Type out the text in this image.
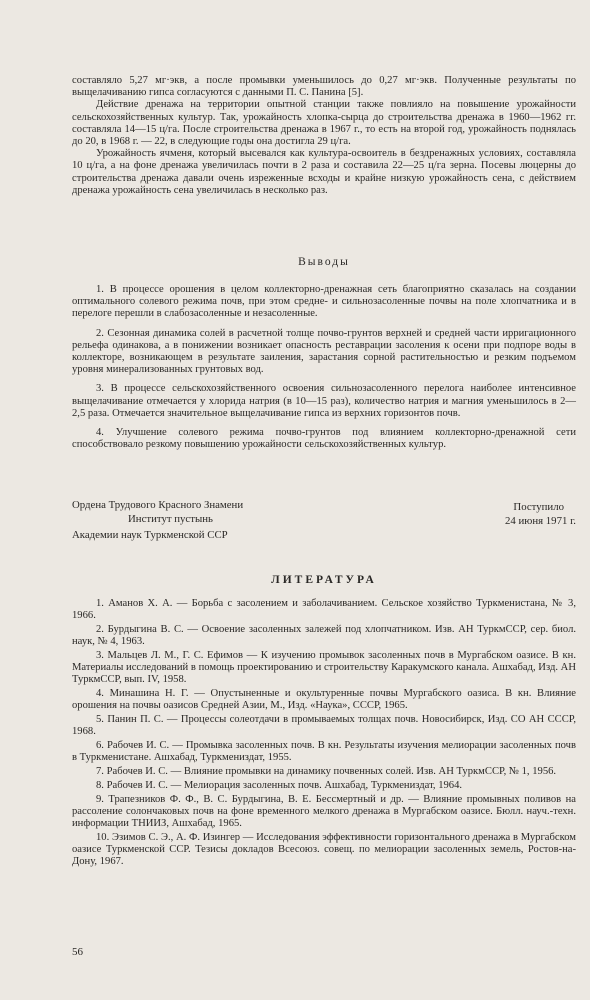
составляло 5,27 мг·экв, а после промывки уменьшилось до 0,27 мг·экв. Полученные результаты по выщелачиванию гипса согласуются с данными П. С. Панина [5].

Действие дренажа на территории опытной станции также повлияло на повышение урожайности сельскохозяйственных культур. Так, урожайность хлопка-сырца до строительства дренажа в 1960—1962 гг. составляла 14—15 ц/га. После строительства дренажа в 1967 г., то есть на второй год, урожайность поднялась до 20, в 1968 г. — 22, в следующие годы она достигла 29 ц/га.

Урожайность ячменя, который высевался как культура-освоитель в бездренажных условиях, составляла 10 ц/га, а на фоне дренажа увеличилась почти в 2 раза и составила 22—25 ц/га зерна. Посевы люцерны до строительства дренажа давали очень изреженные всходы и крайне низкую урожайность сена, с действием дренажа урожайность сена увеличилась в несколько раз.

Выводы

1. В процессе орошения в целом коллекторно-дренажная сеть благоприятно сказалась на создании оптимального солевого режима почв, при этом средне- и сильнозасоленные почвы на поле хлопчатника и в перелоге перешли в слабозасоленные и незасоленные.

2. Сезонная динамика солей в расчетной толще почво-грунтов верхней и средней части ирригационного рельефа одинакова, а в понижении возникает опасность реставрации засоления к осени при подпоре воды в коллекторе, возникающем в результате заиления, зарастания сорной растительностью и резким подъемом уровня минерализованных грунтовых вод.

3. В процессе сельскохозяйственного освоения сильнозасоленного перелога наиболее интенсивное выщелачивание отмечается у хлорида натрия (в 10—15 раз), количество натрия и магния уменьшилось в 2—2,5 раза. Отмечается значительное выщелачивание гипса из верхних горизонтов почв.

4. Улучшение солевого режима почво-грунтов под влиянием коллекторно-дренажной сети способствовало резкому повышению урожайности сельскохозяйственных культур.

Ордена Трудового Красного Знамени
Институт пустынь
Академии наук Туркменской ССР
Поступило
24 июня 1971 г.
ЛИТЕРАТУРА

1. Аманов Х. А. — Борьба с засолением и заболачиванием. Сельское хозяйство Туркменистана, № 3, 1966.

2. Бурдыгина В. С. — Освоение засоленных залежей под хлопчатником. Изв. АН ТуркмССР, сер. биол. наук, № 4, 1963.

3. Мальцев Л. М., Г. С. Ефимов — К изучению промывок засоленных почв в Мургабском оазисе. В кн. Материалы исследований в помощь проектированию и строительству Каракумского канала. Ашхабад, Изд. АН ТуркмССР, вып. IV, 1958.

4. Минашина Н. Г. — Опустыненные и окультуренные почвы Мургабского оазиса. В кн. Влияние орошения на почвы оазисов Средней Азии, М., Изд. «Наука», СССР, 1965.

5. Панин П. С. — Процессы солеотдачи в промываемых толщах почв. Новосибирск, Изд. СО АН СССР, 1968.

6. Рабочев И. С. — Промывка засоленных почв. В кн. Результаты изучения мелиорации засоленных почв в Туркменистане. Ашхабад, Туркмениздат, 1955.

7. Рабочев И. С. — Влияние промывки на динамику почвенных солей. Изв. АН ТуркмССР, № 1, 1956.

8. Рабочев И. С. — Мелиорация засоленных почв. Ашхабад, Туркмениздат, 1964.

9. Трапезников Ф. Ф., В. С. Бурдыгина, В. Е. Бессмертный и др. — Влияние промывных поливов на рассоление солончаковых почв на фоне временного мелкого дренажа в Мургабском оазисе. Бюлл. науч.-техн. информации ТНИИЗ, Ашхабад, 1965.

10. Эзимов С. Э., А. Ф. Изингер — Исследования эффективности горизонтального дренажа в Мургабском оазисе Туркменской ССР. Тезисы докладов Всесоюз. совещ. по мелиорации засоленных земель, Ростов-на-Дону, 1967.

56
